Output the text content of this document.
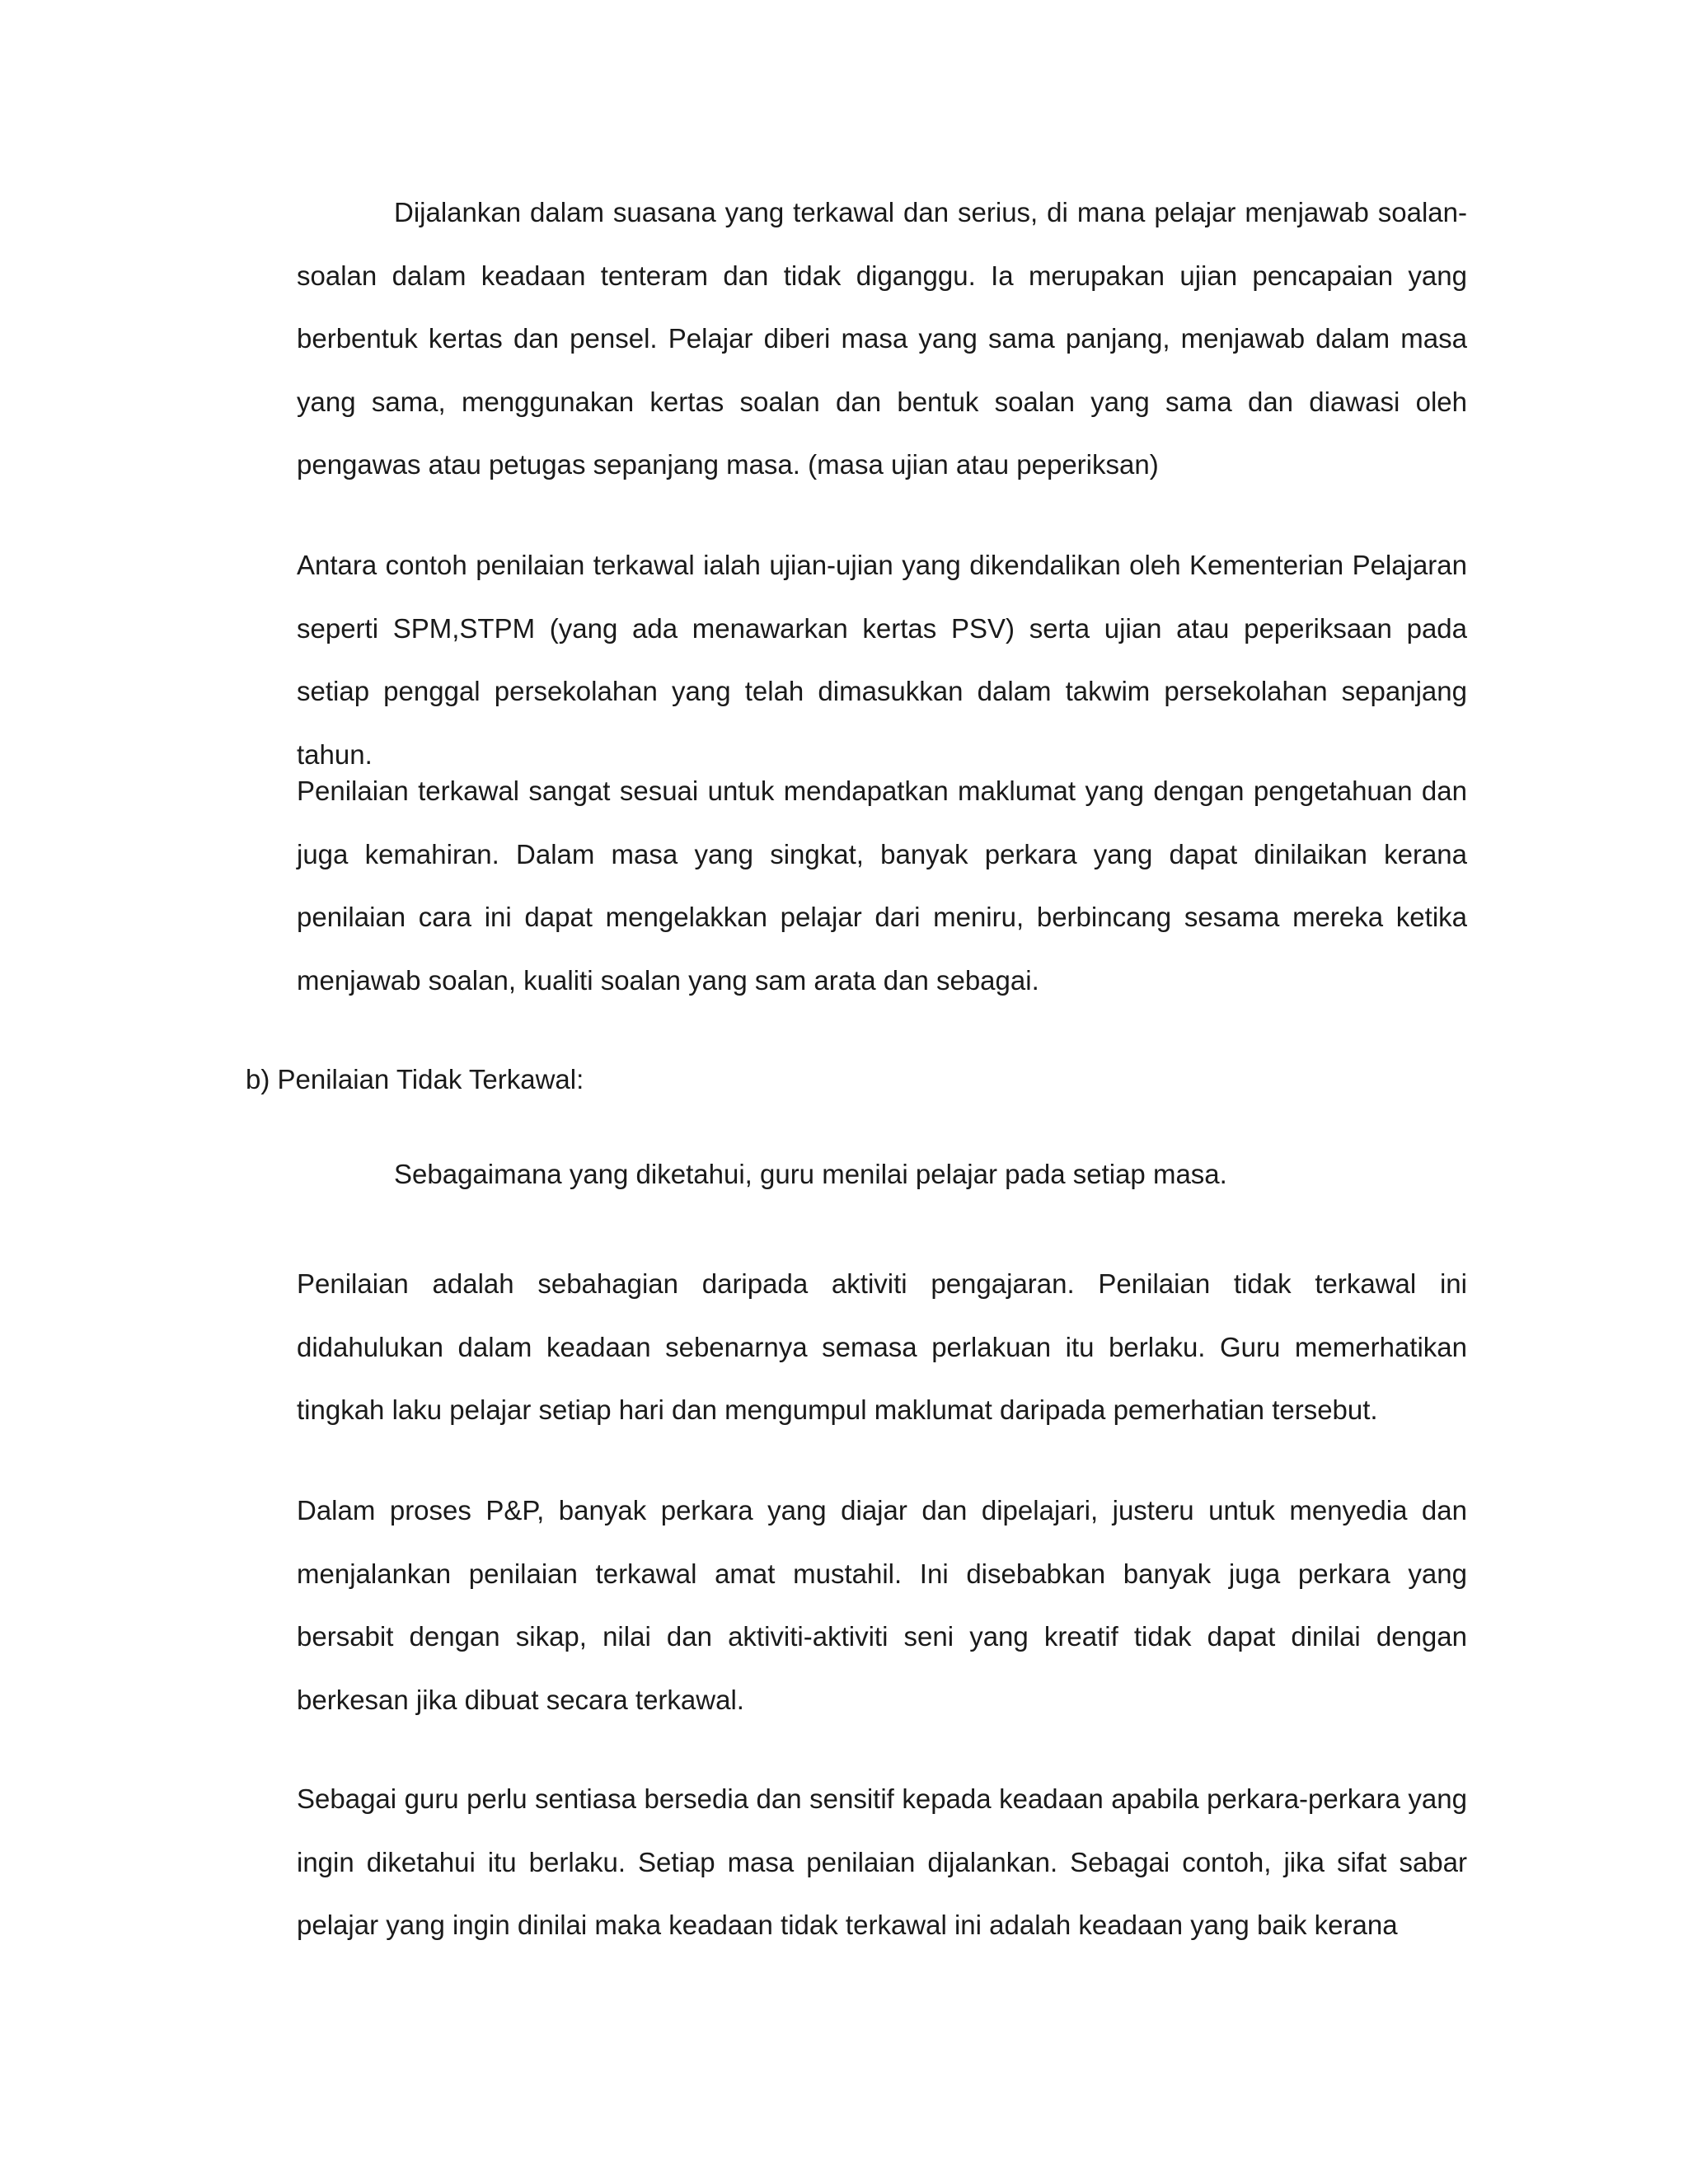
Dijalankan dalam suasana yang terkawal dan serius, di mana pelajar menjawab soalan-soalan dalam keadaan tenteram dan tidak diganggu. Ia merupakan ujian pencapaian yang berbentuk kertas dan pensel. Pelajar diberi masa yang sama panjang, menjawab dalam masa yang sama, menggunakan kertas soalan dan bentuk soalan yang sama dan diawasi oleh pengawas atau petugas sepanjang masa. (masa ujian atau peperiksan)

Antara contoh penilaian terkawal ialah ujian-ujian yang dikendalikan oleh Kementerian Pelajaran seperti SPM,STPM (yang ada menawarkan kertas PSV) serta ujian atau peperiksaan pada setiap penggal persekolahan yang telah dimasukkan dalam takwim persekolahan sepanjang tahun.

Penilaian terkawal sangat sesuai untuk mendapatkan maklumat yang dengan pengetahuan dan juga kemahiran. Dalam masa yang singkat, banyak perkara yang dapat dinilaikan kerana penilaian cara ini dapat mengelakkan pelajar dari meniru, berbincang sesama mereka ketika menjawab soalan, kualiti soalan yang sam arata dan sebagai.

b) Penilaian Tidak Terkawal:

Sebagaimana yang diketahui, guru menilai pelajar pada setiap masa.

Penilaian adalah sebahagian daripada aktiviti pengajaran. Penilaian tidak terkawal ini didahulukan dalam keadaan sebenarnya semasa perlakuan itu berlaku. Guru memerhatikan tingkah laku pelajar setiap hari dan mengumpul maklumat daripada pemerhatian tersebut.

Dalam proses P&P, banyak perkara yang diajar dan dipelajari, justeru untuk menyedia dan menjalankan penilaian terkawal amat mustahil. Ini disebabkan banyak juga perkara yang bersabit dengan sikap, nilai dan aktiviti-aktiviti seni yang kreatif tidak dapat dinilai dengan berkesan jika dibuat secara terkawal.

Sebagai guru perlu sentiasa bersedia dan sensitif kepada keadaan apabila perkara-perkara yang ingin diketahui itu berlaku. Setiap masa penilaian dijalankan. Sebagai contoh, jika sifat sabar pelajar yang ingin dinilai maka keadaan tidak terkawal ini adalah keadaan yang baik kerana
